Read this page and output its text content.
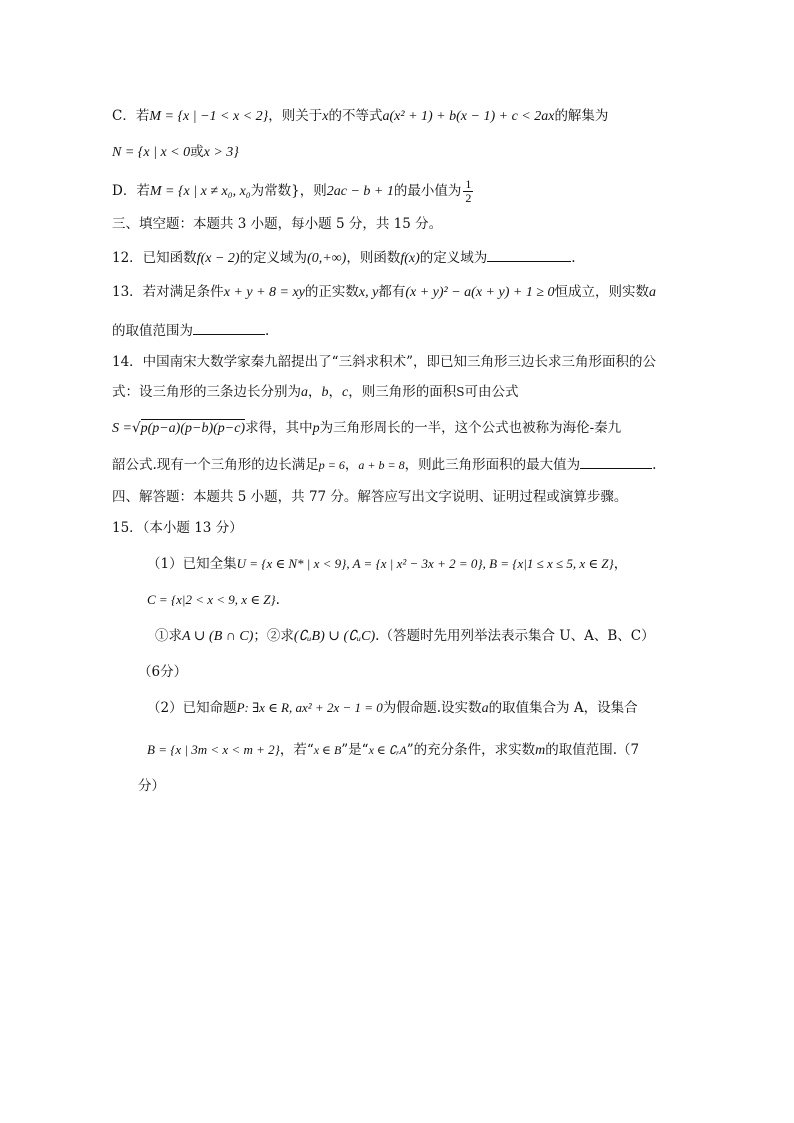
C．若M = {x | −1 < x < 2}，则关于x的不等式a(x² + 1) + b(x − 1) + c < 2ax的解集为
N = {x | x < 0或x > 3}
D．若M = {x | x ≠ x₀, x₀为常数}，则2ac − b + 1的最小值为 $\frac{1}{2}$
三、填空题：本题共 3 小题，每小题 5 分，共 15 分。
12．已知函数f(x − 2)的定义域为(0,+∞)，则函数f(x)的定义域为	.
13．若对满足条件x + y + 8 = xy的正实数x, y都有(x + y)² − a(x + y) + 1 ≥ 0恒成立，则实数a
的取值范围为	.
14．中国南宋大数学家秦九韶提出了“三斜求积术”，即已知三角形三边长求三角形面积的公
式：设三角形的三条边长分别为a，b，c，则三角形的面积S可由公式
S =√p(p−a)(p−b)(p−c)求得，其中p为三角形周长的一半，这个公式也被称为海伦-秦九
韶公式.现有一个三角形的边长满足p = 6，a + b = 8，则此三角形面积的最大值为	.
四、解答题：本题共 5 小题，共 77 分。解答应写出文字说明、证明过程或演算步骤。
15．（本小题 13 分）
（1）已知全集U = {x ∈ N* | x < 9}, A = {x | x² − 3x + 2 = 0}, B = {x|1 ≤ x ≤ 5, x ∈ Z}，
C = {x|2 < x < 9, x ∈ Z}.
①求A ∪ (B ∩ C)；②求(∁ᵤB) ∪ (∁ᵤC).（答题时先用列举法表示集合 U、A、B、C）
（6分）
（2）已知命题P: ∃x ∈ R, ax² + 2x − 1 = 0为假命题.设实数a的取值集合为 A，设集合
B = {x | 3m < x < m + 2}，若“x ∈ B”是“x ∈ ∁ᵣA”的充分条件，求实数m的取值范围.（7
分）
